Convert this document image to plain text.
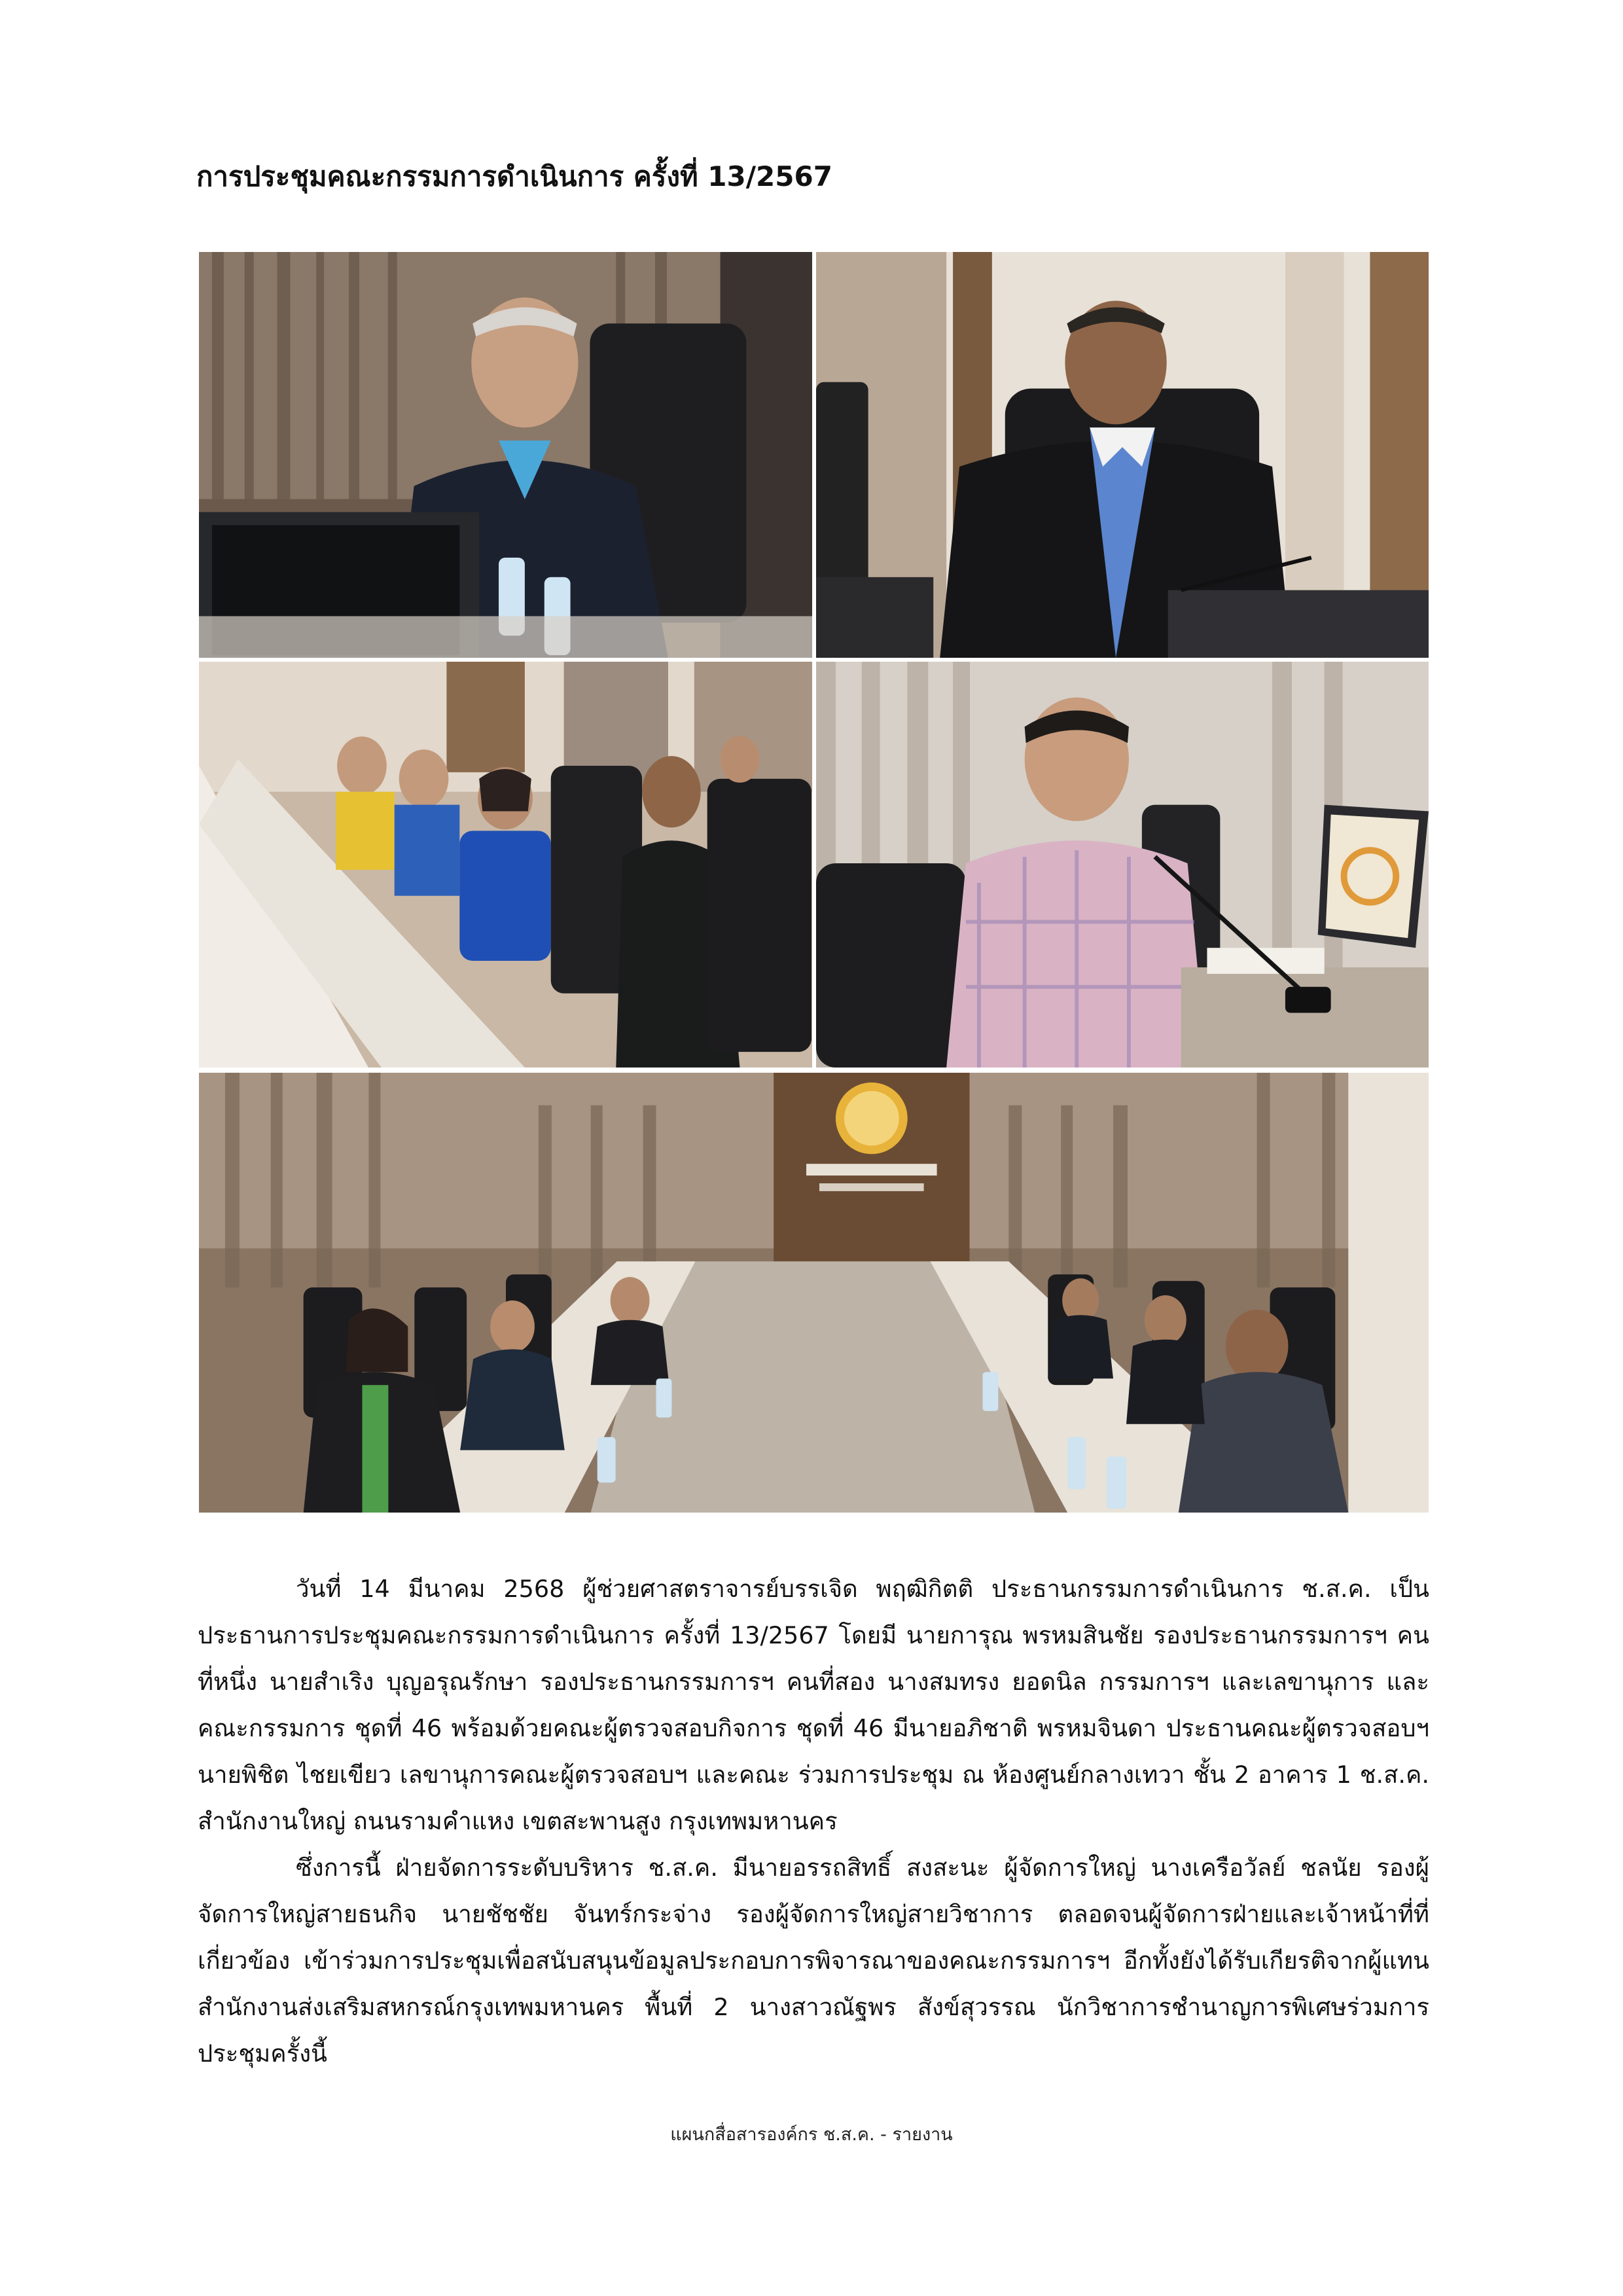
การประชุมคณะกรรมการดำเนินการ ครั้งที่ 13/2567

วันที่ 14 มีนาคม 2568 ผู้ช่วยศาสตราจารย์บรรเจิด พฤฒิกิตติ ประธานกรรมการดำเนินการ ช.ส.ค. เป็นประธานการประชุมคณะกรรมการดำเนินการ ครั้งที่ 13/2567 โดยมี นายการุณ พรหมสินชัย รองประธานกรรมการฯ คนที่หนึ่ง นายสำเริง บุญอรุณรักษา รองประธานกรรมการฯ คนที่สอง นางสมทรง ยอดนิล กรรมการฯ และเลขานุการ และคณะกรรมการ ชุดที่ 46 พร้อมด้วยคณะผู้ตรวจสอบกิจการ ชุดที่ 46 มีนายอภิชาติ พรหมจินดา ประธานคณะผู้ตรวจสอบฯ นายพิชิต ไชยเขียว เลขานุการคณะผู้ตรวจสอบฯ และคณะ ร่วมการประชุม ณ ห้องศูนย์กลางเทวา ชั้น 2 อาคาร 1 ช.ส.ค. สำนักงานใหญ่ ถนนรามคำแหง เขตสะพานสูง กรุงเทพมหานคร

ซึ่งการนี้ ฝ่ายจัดการระดับบริหาร ช.ส.ค. มีนายอรรถสิทธิ์ สงสะนะ ผู้จัดการใหญ่ นางเครือวัลย์ ชลนัย รองผู้จัดการใหญ่สายธนกิจ นายชัชชัย จันทร์กระจ่าง รองผู้จัดการใหญ่สายวิชาการ ตลอดจนผู้จัดการฝ่ายและเจ้าหน้าที่ที่เกี่ยวข้อง เข้าร่วมการประชุมเพื่อสนับสนุนข้อมูลประกอบการพิจารณาของคณะกรรมการฯ อีกทั้งยังได้รับเกียรติจากผู้แทนสำนักงานส่งเสริมสหกรณ์กรุงเทพมหานคร พื้นที่ 2 นางสาวณัฐพร สังข์สุวรรณ นักวิชาการชำนาญการพิเศษร่วมการประชุมครั้งนี้

แผนกสื่อสารองค์กร ช.ส.ค. - รายงาน
